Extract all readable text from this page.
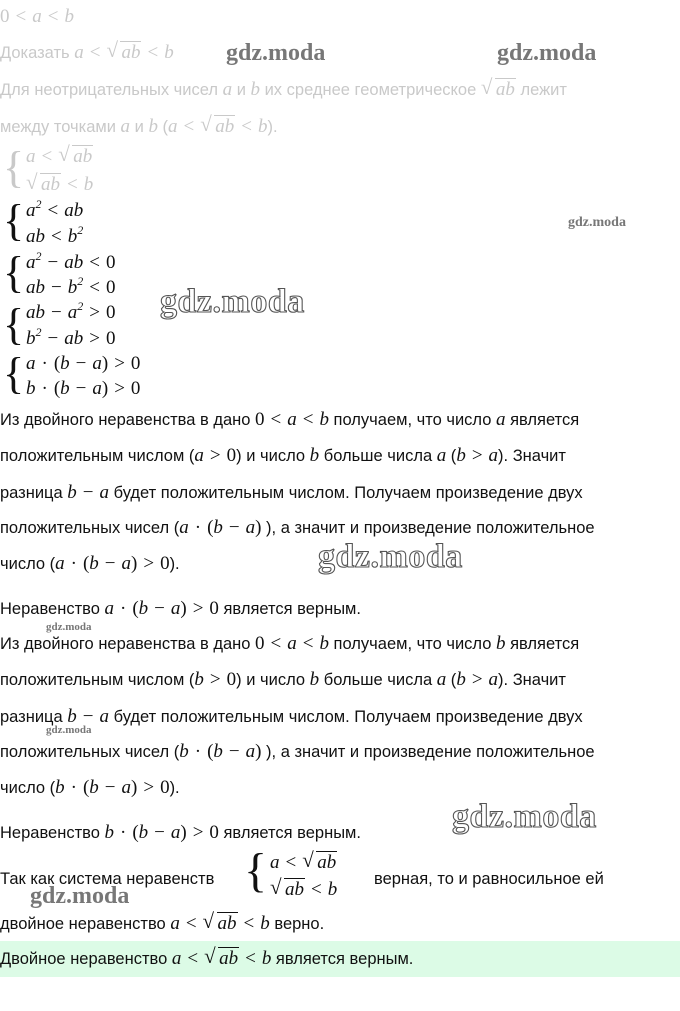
gdz.moda	gdz.moda
gdz.moda
gdz.moda
gdz.moda
gdz.moda
gdz.moda
gdz.moda
gdz.moda
0 < a < b
Доказать a < √ ab < b
Для неотрицательных чисел a и b их среднее геометрическое √ ab лежит
между точками a и b (a < √ ab < b).
{ a < √ ab
√ ab < b
{ $a^2$ < ab
ab < $b^2$
{ $a^2$ − ab < 0
ab − $b^2 < 0$
{ ab − $a^2 > 0$
$b^2$ − ab > 0
{ a · (b − a) > 0
b · (b − a) > 0
Из двойного неравенства в дано 0 < a < b получаем, что число a является
положительным числом (a > 0) и число b больше числа a (b > a). Значит
разница b − a будет положительным числом. Получаем произведение двух
положительных чисел (a · (b − a) ), а значит и произведение положительное
число (a · (b − a) > 0).
Неравенство a · (b − a) > 0 является верным.
Из двойного неравенства в дано 0 < a < b получаем, что число b является
положительным числом (b > 0) и число b больше числа a (b > a). Значит
разница b − a будет положительным числом. Получаем произведение двух
положительных чисел (b · (b − a) ), а значит и произведение положительное
число (b · (b − a) > 0).
Неравенство b · (b − a) > 0 является верным.
Так как система неравенств { a < √ ab
√ ab < b	верная, то и равносильное ей
двойное неравенство a < √ ab < b верно.
Двойное неравенство a < √ ab < b является верным.
